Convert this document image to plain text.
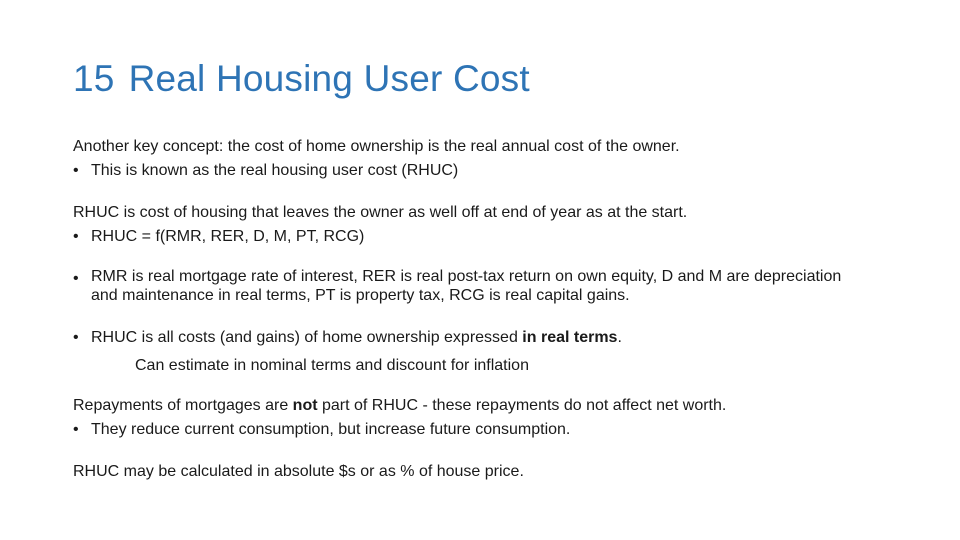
15 Real Housing User Cost

Another key concept: the cost of home ownership is the real annual cost of the owner.

• This is known as the real housing user cost (RHUC)

RHUC is cost of housing that leaves the owner as well off at end of year as at the start.

• RHUC = f(RMR, RER, D, M, PT, RCG)
• RMR is real mortgage rate of interest, RER is real post-tax return on own equity, D and M are depreciation and maintenance in real terms, PT is property tax, RCG is real capital gains.
• RHUC is all costs (and gains) of home ownership expressed in real terms.

Can estimate in nominal terms and discount for inflation

Repayments of mortgages are not part of RHUC - these repayments do not affect net worth.

• They reduce current consumption, but increase future consumption.

RHUC may be calculated in absolute $s or as % of house price.
